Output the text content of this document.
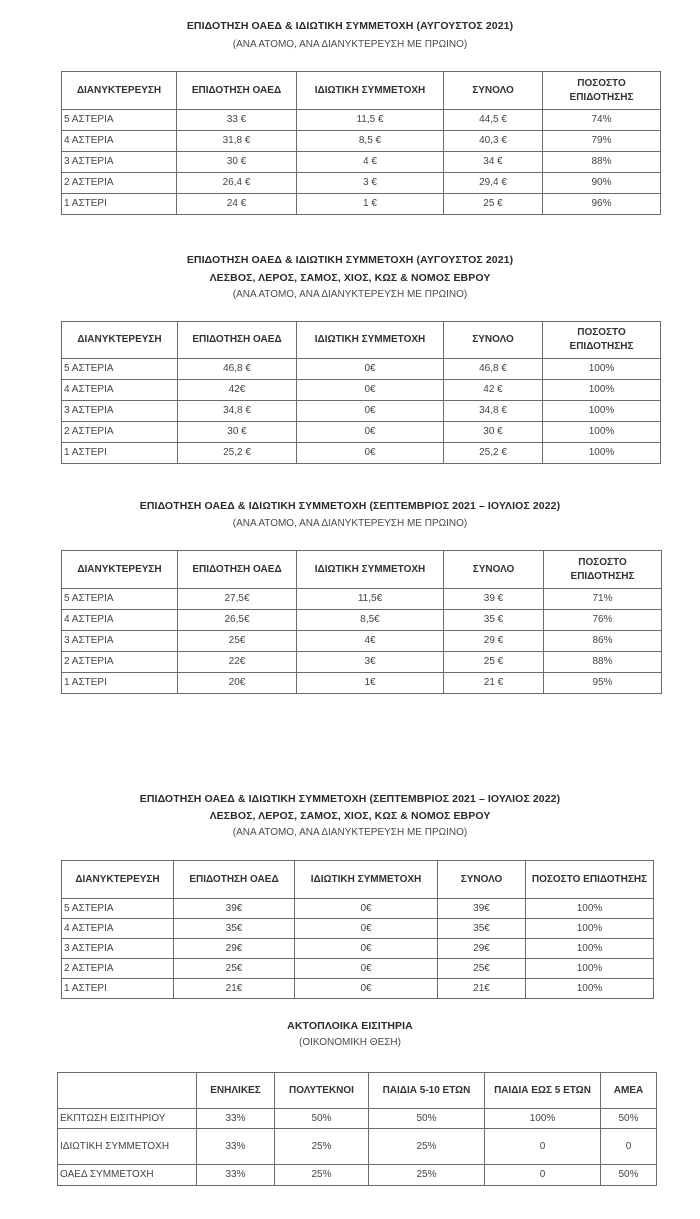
ΕΠΙΔΟΤΗΣΗ ΟΑΕΔ & ΙΔΙΩΤΙΚΗ ΣΥΜΜΕΤΟΧΗ (ΑΥΓΟΥΣΤΟΣ 2021)
(ΑΝΑ ΑΤΟΜΟ, ΑΝΑ ΔΙΑΝΥΚΤΕΡΕΥΣΗ ΜΕ ΠΡΩΙΝΟ)
ΔΙΑΝΥΚΤΕΡΕΥΣΗ	ΕΠΙΔΟΤΗΣΗ ΟΑΕΔ	ΙΔΙΩΤΙΚΗ ΣΥΜΜΕΤΟΧΗ	ΣΥΝΟΛΟ	ΠΟΣΟΣΤΟ ΕΠΙΔΟΤΗΣΗΣ
5 ΑΣΤΕΡΙΑ	33 €	11,5 €	44,5 €	74%
4 ΑΣΤΕΡΙΑ	31,8 €	8,5 €	40,3 €	79%
3 ΑΣΤΕΡΙΑ	30 €	4 €	34 €	88%
2 ΑΣΤΕΡΙΑ	26,4 €	3 €	29,4 €	90%
1 ΑΣΤΕΡΙ	24 €	1 €	25 €	96%
ΕΠΙΔΟΤΗΣΗ ΟΑΕΔ & ΙΔΙΩΤΙΚΗ ΣΥΜΜΕΤΟΧΗ (ΑΥΓΟΥΣΤΟΣ 2021)
ΛΕΣΒΟΣ, ΛΕΡΟΣ, ΣΑΜΟΣ, ΧΙΟΣ, ΚΩΣ & ΝΟΜΟΣ ΕΒΡΟΥ
(ΑΝΑ ΑΤΟΜΟ, ΑΝΑ ΔΙΑΝΥΚΤΕΡΕΥΣΗ ΜΕ ΠΡΩΙΝΟ)
ΔΙΑΝΥΚΤΕΡΕΥΣΗ	ΕΠΙΔΟΤΗΣΗ ΟΑΕΔ	ΙΔΙΩΤΙΚΗ ΣΥΜΜΕΤΟΧΗ	ΣΥΝΟΛΟ	ΠΟΣΟΣΤΟ ΕΠΙΔΟΤΗΣΗΣ
5 ΑΣΤΕΡΙΑ	46,8 €	0€	46,8 €	100%
4 ΑΣΤΕΡΙΑ	42€	0€	42 €	100%
3 ΑΣΤΕΡΙΑ	34,8 €	0€	34,8 €	100%
2 ΑΣΤΕΡΙΑ	30 €	0€	30 €	100%
1 ΑΣΤΕΡΙ	25,2 €	0€	25,2 €	100%
ΕΠΙΔΟΤΗΣΗ ΟΑΕΔ & ΙΔΙΩΤΙΚΗ ΣΥΜΜΕΤΟΧΗ (ΣΕΠΤΕΜΒΡΙΟΣ 2021 – ΙΟΥΛΙΟΣ 2022)
(ΑΝΑ ΑΤΟΜΟ, ΑΝΑ ΔΙΑΝΥΚΤΕΡΕΥΣΗ ΜΕ ΠΡΩΙΝΟ)
ΔΙΑΝΥΚΤΕΡΕΥΣΗ	ΕΠΙΔΟΤΗΣΗ ΟΑΕΔ	ΙΔΙΩΤΙΚΗ ΣΥΜΜΕΤΟΧΗ	ΣΥΝΟΛΟ	ΠΟΣΟΣΤΟ ΕΠΙΔΟΤΗΣΗΣ
5 ΑΣΤΕΡΙΑ	27,5€	11,5€	39 €	71%
4 ΑΣΤΕΡΙΑ	26,5€	8,5€	35 €	76%
3 ΑΣΤΕΡΙΑ	25€	4€	29 €	86%
2 ΑΣΤΕΡΙΑ	22€	3€	25 €	88%
1 ΑΣΤΕΡΙ	20€	1€	21 €	95%
ΕΠΙΔΟΤΗΣΗ ΟΑΕΔ & ΙΔΙΩΤΙΚΗ ΣΥΜΜΕΤΟΧΗ (ΣΕΠΤΕΜΒΡΙΟΣ 2021 – ΙΟΥΛΙΟΣ 2022)
ΛΕΣΒΟΣ, ΛΕΡΟΣ, ΣΑΜΟΣ, ΧΙΟΣ, ΚΩΣ & ΝΟΜΟΣ ΕΒΡΟΥ
(ΑΝΑ ΑΤΟΜΟ, ΑΝΑ ΔΙΑΝΥΚΤΕΡΕΥΣΗ ΜΕ ΠΡΩΙΝΟ)
ΔΙΑΝΥΚΤΕΡΕΥΣΗ	ΕΠΙΔΟΤΗΣΗ ΟΑΕΔ	ΙΔΙΩΤΙΚΗ ΣΥΜΜΕΤΟΧΗ	ΣΥΝΟΛΟ	ΠΟΣΟΣΤΟ ΕΠΙΔΟΤΗΣΗΣ
5 ΑΣΤΕΡΙΑ	39€	0€	39€	100%
4 ΑΣΤΕΡΙΑ	35€	0€	35€	100%
3 ΑΣΤΕΡΙΑ	29€	0€	29€	100%
2 ΑΣΤΕΡΙΑ	25€	0€	25€	100%
1 ΑΣΤΕΡΙ	21€	0€	21€	100%
ΑΚΤΟΠΛΟΙΚΑ ΕΙΣΙΤΗΡΙΑ
(ΟΙΚΟΝΟΜΙΚΗ ΘΕΣΗ)
	ΕΝΗΛΙΚΕΣ	ΠΟΛΥΤΕΚΝΟΙ	ΠΑΙΔΙΑ 5-10 ΕΤΩΝ	ΠΑΙΔΙΑ ΕΩΣ 5 ΕΤΩΝ	ΑΜΕΑ
ΕΚΠΤΩΣΗ ΕΙΣΙΤΗΡΙΟΥ	33%	50%	50%	100%	50%
ΙΔΙΩΤΙΚΗ ΣΥΜΜΕΤΟΧΗ	33%	25%	25%	0	0
ΟΑΕΔ ΣΥΜΜΕΤΟΧΗ	33%	25%	25%	0	50%
